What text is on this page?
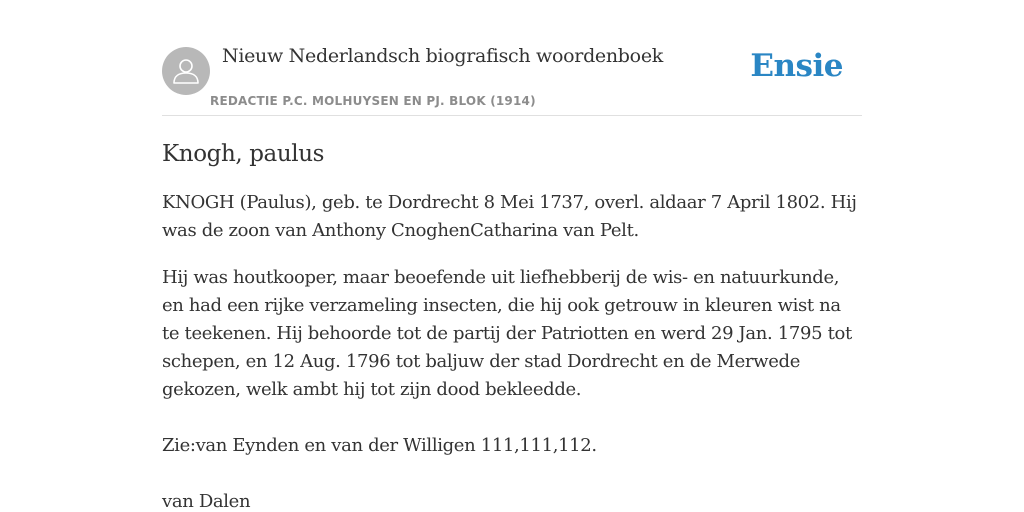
Nieuw Nederlandsch biografisch woordenboek
REDACTIE P.C. MOLHUYSEN EN PJ. BLOK (1914)
Ensie
Knogh, paulus

KNOGH (Paulus), geb. te Dordrecht 8 Mei 1737, overl. aldaar 7 April 1802. Hij was de zoon van Anthony CnoghenCatharina van Pelt.

Hij was houtkooper, maar beoefende uit liefhebberij de wis- en natuurkunde, en had een rijke verzameling insecten, die hij ook getrouw in kleuren wist na te teekenen. Hij behoorde tot de partij der Patriotten en werd 29 Jan. 1795 tot schepen, en 12 Aug. 1796 tot baljuw der stad Dordrecht en de Merwede gekozen, welk ambt hij tot zijn dood bekleedde.

Zie:van Eynden en van der Willigen 111,111,112.

van Dalen
